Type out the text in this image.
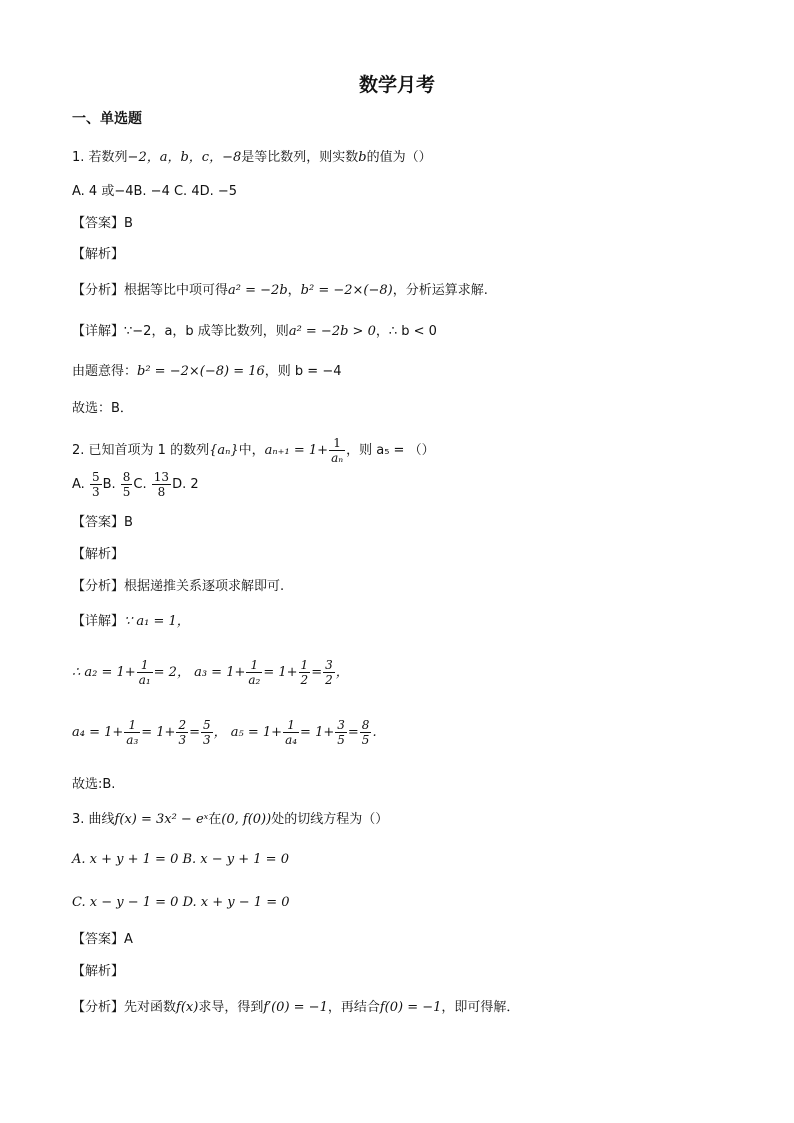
数学月考
一、单选题
1. 若数列−2，a，b，c，−8是等比数列，则实数b的值为（）
A. 4 或−4B. −4 C. 4D. −5
【答案】B
【解析】
【分析】根据等比中项可得a² = −2b，b² = −2×(−8)，分析运算求解.
【详解】∵−2，a，b 成等比数列，则a² = −2b > 0，∴ b < 0
由题意得：b² = −2×(−8) = 16，则 b = −4
故选：B．
2. 已知首项为 1 的数列{aₙ}中，$a_{n+1} = 1+ \frac{1}{\text{aₙ}}$ ，则 a₅ = （）
A. $\frac{5}{3} B$. $\frac{8}{5} C$. $\frac{13}{8} D$. 2
【答案】B
【解析】
【分析】根据递推关系逐项求解即可.
【详解】∵ a₁ = 1，
∴ $a_2 = 1+ \frac{1}{\text{a₁}} = 2$， $a_3 = 1+ \frac{1}{\text{a₂}} = 1+ \frac{1}{2} = \frac{3}{2}$ ，
$a_4 = 1+ \frac{1}{\text{a₃}} = 1+ \frac{2}{3} = \frac{5}{3}$ ， $a_5 = 1+ \frac{1}{\text{a₄}} = 1+ \frac{3}{5} = \frac{8}{5}$ .
故选:B.
3. 曲线f(x) = 3x² − eˣ在(0, f(0))处的切线方程为（）
A. x + y + 1 = 0 B. x − y + 1 = 0
C. x − y − 1 = 0 D. x + y − 1 = 0
【答案】A
【解析】
【分析】先对函数f(x)求导，得到f′(0) = −1，再结合f(0) = −1，即可得解．
